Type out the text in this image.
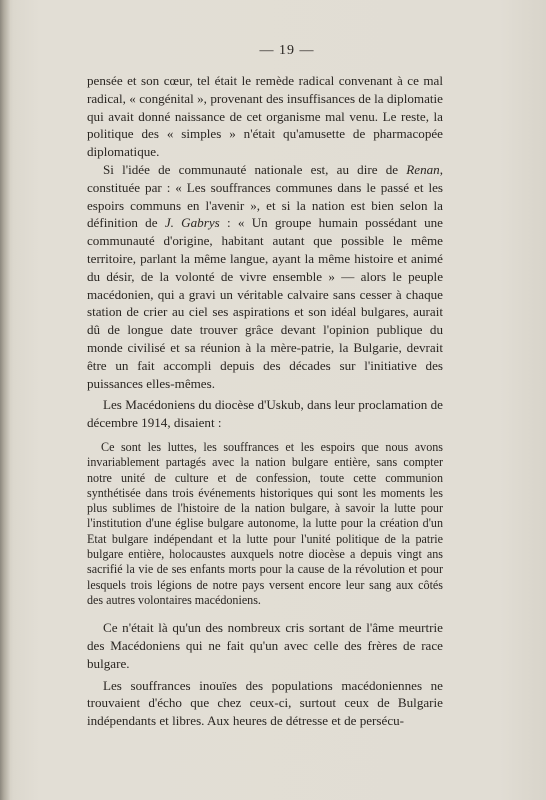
— 19 —

pensée et son cœur, tel était le remède radical convenant à ce mal radical, « congénital », provenant des insuffisances de la diplomatie qui avait donné naissance de cet organisme mal venu. Le reste, la politique des « simples » n'était qu'amusette de pharmacopée diplomatique.

Si l'idée de communauté nationale est, au dire de Renan, constituée par : « Les souffrances communes dans le passé et les espoirs communs en l'avenir », et si la nation est bien selon la définition de J. Gabrys : « Un groupe humain possédant une communauté d'origine, habitant autant que possible le même territoire, parlant la même langue, ayant la même histoire et animé du désir, de la volonté de vivre ensemble » — alors le peuple macédonien, qui a gravi un véritable calvaire sans cesser à chaque station de crier au ciel ses aspirations et son idéal bulgares, aurait dû de longue date trouver grâce devant l'opinion publique du monde civilisé et sa réunion à la mère-patrie, la Bulgarie, devrait être un fait accompli depuis des décades sur l'initiative des puissances elles-mêmes.

Les Macédoniens du diocèse d'Uskub, dans leur proclamation de décembre 1914, disaient :

Ce sont les luttes, les souffrances et les espoirs que nous avons invariablement partagés avec la nation bulgare entière, sans compter notre unité de culture et de confession, toute cette communion synthétisée dans trois événements historiques qui sont les moments les plus sublimes de l'histoire de la nation bulgare, à savoir la lutte pour l'institution d'une église bulgare autonome, la lutte pour la création d'un Etat bulgare indépendant et la lutte pour l'unité politique de la patrie bulgare entière, holocaustes auxquels notre diocèse a depuis vingt ans sacrifié la vie de ses enfants morts pour la cause de la révolution et pour lesquels trois légions de notre pays versent encore leur sang aux côtés des autres volontaires macédoniens.

Ce n'était là qu'un des nombreux cris sortant de l'âme meurtrie des Macédoniens qui ne fait qu'un avec celle des frères de race bulgare.

Les souffrances inouïes des populations macédoniennes ne trouvaient d'écho que chez ceux-ci, surtout ceux de Bulgarie indépendants et libres. Aux heures de détresse et de persécu-
